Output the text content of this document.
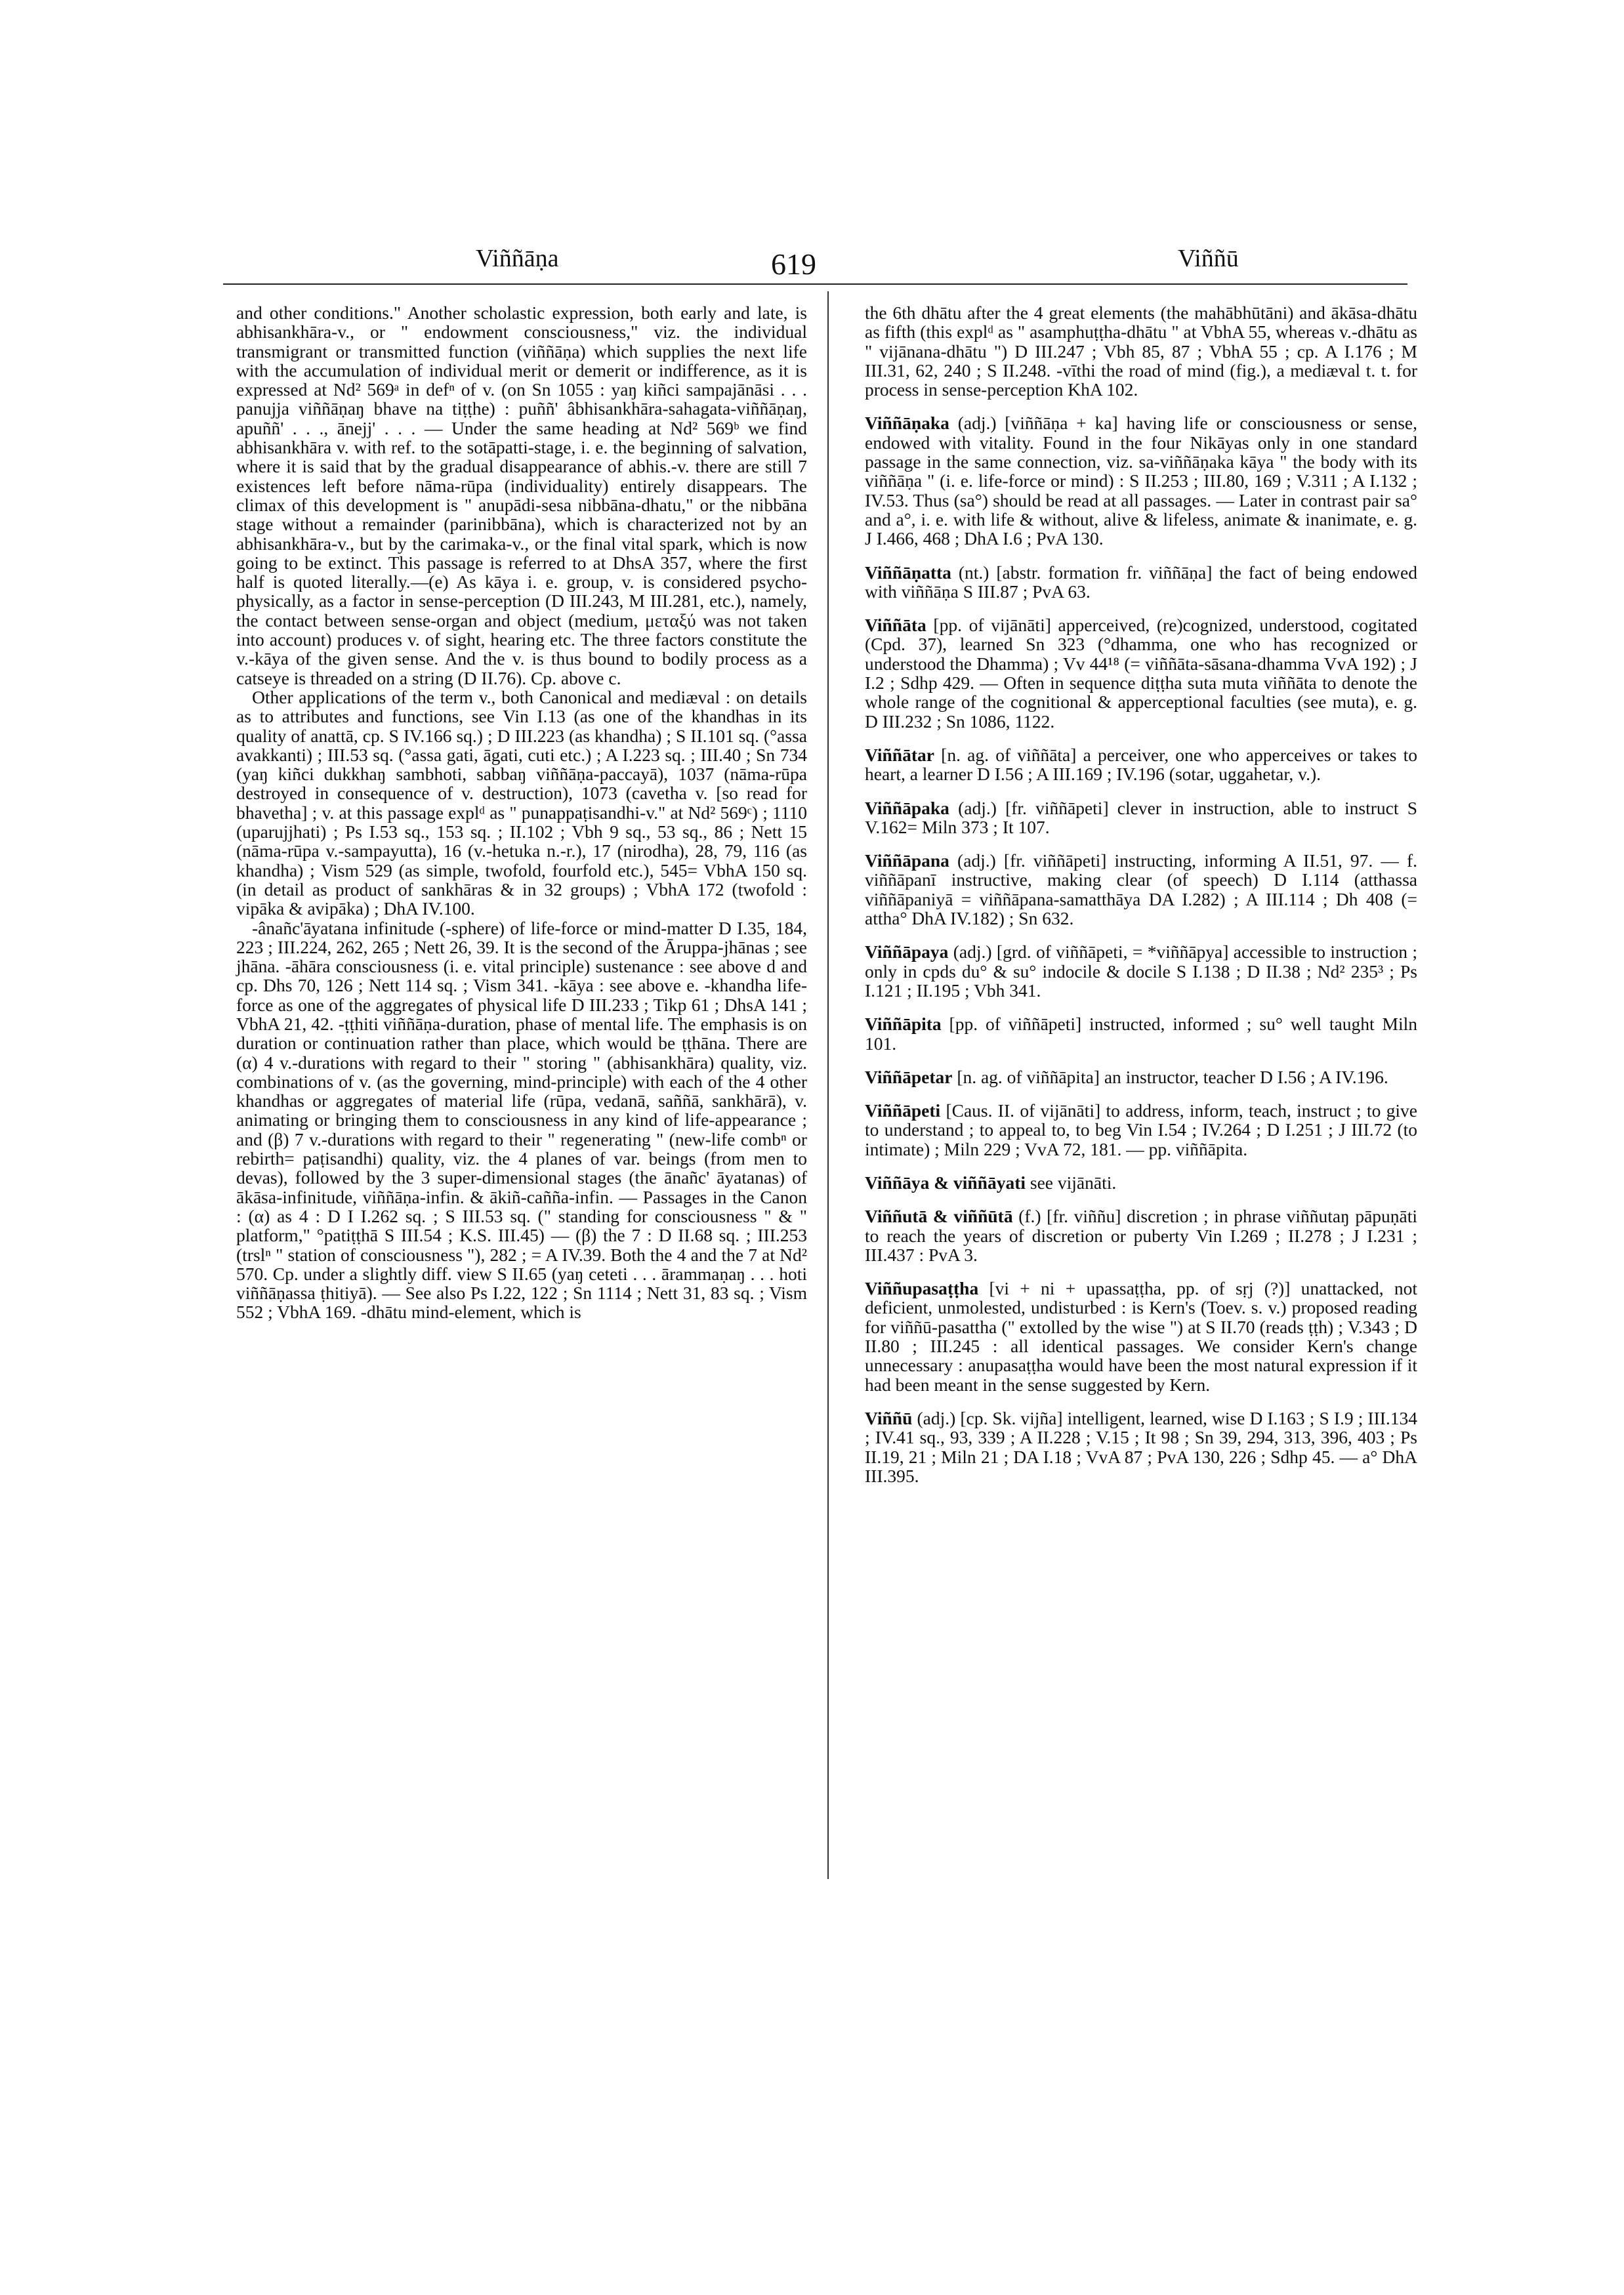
Viññāṇa	619	Viññū

and other conditions." Another scholastic expression, both early and late, is abhisankhāra-v., or " endowment consciousness," viz. the individual transmigrant or transmitted function (viññāṇa) which supplies the next life with the accumulation of individual merit or demerit or indifference, as it is expressed at Nd² 569ᵃ in defⁿ of v. (on Sn 1055 : yaŋ kiñci sampajānāsi . . . panujja viññāṇaŋ bhave na tiṭṭhe) : puññ' âbhisankhāra-sahagata-viññāṇaŋ, apuññ' . . ., ānejj' . . . — Under the same heading at Nd² 569ᵇ we find abhisankhāra v. with ref. to the sotāpatti-stage, i. e. the beginning of salvation, where it is said that by the gradual disappearance of abhis.-v. there are still 7 existences left before nāma-rūpa (individuality) entirely disappears. The climax of this development is " anupādi-sesa nibbāna-dhatu," or the nibbāna stage without a remainder (parinibbāna), which is characterized not by an abhisankhāra-v., but by the carimaka-v., or the final vital spark, which is now going to be extinct. This passage is referred to at DhsA 357, where the first half is quoted literally.—(e) As kāya i. e. group, v. is considered psycho-physically, as a factor in sense-perception (D III.243, M III.281, etc.), namely, the contact between sense-organ and object (medium, μεταξύ was not taken into account) produces v. of sight, hearing etc. The three factors constitute the v.-kāya of the given sense. And the v. is thus bound to bodily process as a catseye is threaded on a string (D II.76). Cp. above c.

Other applications of the term v., both Canonical and mediæval : on details as to attributes and functions, see Vin I.13 (as one of the khandhas in its quality of anattā, cp. S IV.166 sq.) ; D III.223 (as khandha) ; S II.101 sq. (°assa avakkanti) ; III.53 sq. (°assa gati, āgati, cuti etc.) ; A I.223 sq. ; III.40 ; Sn 734 (yaŋ kiñci dukkhaŋ sambhoti, sabbaŋ viññāṇa-paccayā), 1037 (nāma-rūpa destroyed in consequence of v. destruction), 1073 (cavetha v. [so read for bhavetha] ; v. at this passage explᵈ as " punappaṭisandhi-v." at Nd² 569ᶜ) ; 1110 (uparujjhati) ; Ps I.53 sq., 153 sq. ; II.102 ; Vbh 9 sq., 53 sq., 86 ; Nett 15 (nāma-rūpa v.-sampayutta), 16 (v.-hetuka n.-r.), 17 (nirodha), 28, 79, 116 (as khandha) ; Vism 529 (as simple, twofold, fourfold etc.), 545= VbhA 150 sq. (in detail as product of sankhāras & in 32 groups) ; VbhA 172 (twofold : vipāka & avipāka) ; DhA IV.100.

-ânañc'āyatana infinitude (-sphere) of life-force or mind-matter D I.35, 184, 223 ; III.224, 262, 265 ; Nett 26, 39. It is the second of the Āruppa-jhānas ; see jhāna. -āhāra consciousness (i. e. vital principle) sustenance : see above d and cp. Dhs 70, 126 ; Nett 114 sq. ; Vism 341. -kāya : see above e. -khandha life-force as one of the aggregates of physical life D III.233 ; Tikp 61 ; DhsA 141 ; VbhA 21, 42. -ṭṭhiti viññāṇa-duration, phase of mental life. The emphasis is on duration or continuation rather than place, which would be ṭṭhāna. There are (α) 4 v.-durations with regard to their " storing " (abhisankhāra) quality, viz. combinations of v. (as the governing, mind-principle) with each of the 4 other khandhas or aggregates of material life (rūpa, vedanā, saññā, sankhārā), v. animating or bringing them to consciousness in any kind of life-appearance ; and (β) 7 v.-durations with regard to their " regenerating " (new-life combⁿ or rebirth= paṭisandhi) quality, viz. the 4 planes of var. beings (from men to devas), followed by the 3 super-dimensional stages (the ānañc' āyatanas) of ākāsa-infinitude, viññāṇa-infin. & ākiñ-cañña-infin. — Passages in the Canon : (α) as 4 : D I I.262 sq. ; S III.53 sq. (" standing for consciousness " & " platform," °patiṭṭhā S III.54 ; K.S. III.45) — (β) the 7 : D II.68 sq. ; III.253 (trslⁿ " station of consciousness "), 282 ; = A IV.39. Both the 4 and the 7 at Nd² 570. Cp. under a slightly diff. view S II.65 (yaŋ ceteti . . . ārammaṇaŋ . . . hoti viññāṇassa ṭhitiyā). — See also Ps I.22, 122 ; Sn 1114 ; Nett 31, 83 sq. ; Vism 552 ; VbhA 169. -dhātu mind-element, which is

the 6th dhātu after the 4 great elements (the mahābhūtāni) and ākāsa-dhātu as fifth (this explᵈ as " asamphuṭṭha-dhātu " at VbhA 55, whereas v.-dhātu as " vijānana-dhātu ") D III.247 ; Vbh 85, 87 ; VbhA 55 ; cp. A I.176 ; M III.31, 62, 240 ; S II.248. -vīthi the road of mind (fig.), a mediæval t. t. for process in sense-perception KhA 102.

Viññāṇaka (adj.) [viññāṇa + ka] having life or consciousness or sense, endowed with vitality. Found in the four Nikāyas only in one standard passage in the same connection, viz. sa-viññāṇaka kāya " the body with its viññāṇa " (i. e. life-force or mind) : S II.253 ; III.80, 169 ; V.311 ; A I.132 ; IV.53. Thus (sa°) should be read at all passages. — Later in contrast pair sa° and a°, i. e. with life & without, alive & lifeless, animate & inanimate, e. g. J I.466, 468 ; DhA I.6 ; PvA 130.

Viññāṇatta (nt.) [abstr. formation fr. viññāṇa] the fact of being endowed with viññāṇa S III.87 ; PvA 63.

Viññāta [pp. of vijānāti] apperceived, (re)cognized, understood, cogitated (Cpd. 37), learned Sn 323 (°dhamma, one who has recognized or understood the Dhamma) ; Vv 44¹⁸ (= viññāta-sāsana-dhamma VvA 192) ; J I.2 ; Sdhp 429. — Often in sequence diṭṭha suta muta viññāta to denote the whole range of the cognitional & apperceptional faculties (see muta), e. g. D III.232 ; Sn 1086, 1122.

Viññātar [n. ag. of viññāta] a perceiver, one who apperceives or takes to heart, a learner D I.56 ; A III.169 ; IV.196 (sotar, uggahetar, v.).

Viññāpaka (adj.) [fr. viññāpeti] clever in instruction, able to instruct S V.162= Miln 373 ; It 107.

Viññāpana (adj.) [fr. viññāpeti] instructing, informing A II.51, 97. — f. viññāpanī instructive, making clear (of speech) D I.114 (atthassa viññāpaniyā = viññāpana-samatthāya DA I.282) ; A III.114 ; Dh 408 (= attha° DhA IV.182) ; Sn 632.

Viññāpaya (adj.) [grd. of viññāpeti, = *viññāpya] accessible to instruction ; only in cpds du° & su° indocile & docile S I.138 ; D II.38 ; Nd² 235³ ; Ps I.121 ; II.195 ; Vbh 341.

Viññāpita [pp. of viññāpeti] instructed, informed ; su° well taught Miln 101.

Viññāpetar [n. ag. of viññāpita] an instructor, teacher D I.56 ; A IV.196.

Viññāpeti [Caus. II. of vijānāti] to address, inform, teach, instruct ; to give to understand ; to appeal to, to beg Vin I.54 ; IV.264 ; D I.251 ; J III.72 (to intimate) ; Miln 229 ; VvA 72, 181. — pp. viññāpita.

Viññāya & viññāyati see vijānāti.

Viññutā & viññūtā (f.) [fr. viññu] discretion ; in phrase viññutaŋ pāpuṇāti to reach the years of discretion or puberty Vin I.269 ; II.278 ; J I.231 ; III.437 : PvA 3.

Viññupasaṭṭha [vi + ni + upassaṭṭha, pp. of sṛj (?)] unattacked, not deficient, unmolested, undisturbed : is Kern's (Toev. s. v.) proposed reading for viññū-pasattha (" extolled by the wise ") at S II.70 (reads ṭṭh) ; V.343 ; D II.80 ; III.245 : all identical passages. We consider Kern's change unnecessary : anupasaṭṭha would have been the most natural expression if it had been meant in the sense suggested by Kern.

Viññū (adj.) [cp. Sk. vijña] intelligent, learned, wise D I.163 ; S I.9 ; III.134 ; IV.41 sq., 93, 339 ; A II.228 ; V.15 ; It 98 ; Sn 39, 294, 313, 396, 403 ; Ps II.19, 21 ; Miln 21 ; DA I.18 ; VvA 87 ; PvA 130, 226 ; Sdhp 45. — a° DhA III.395.
